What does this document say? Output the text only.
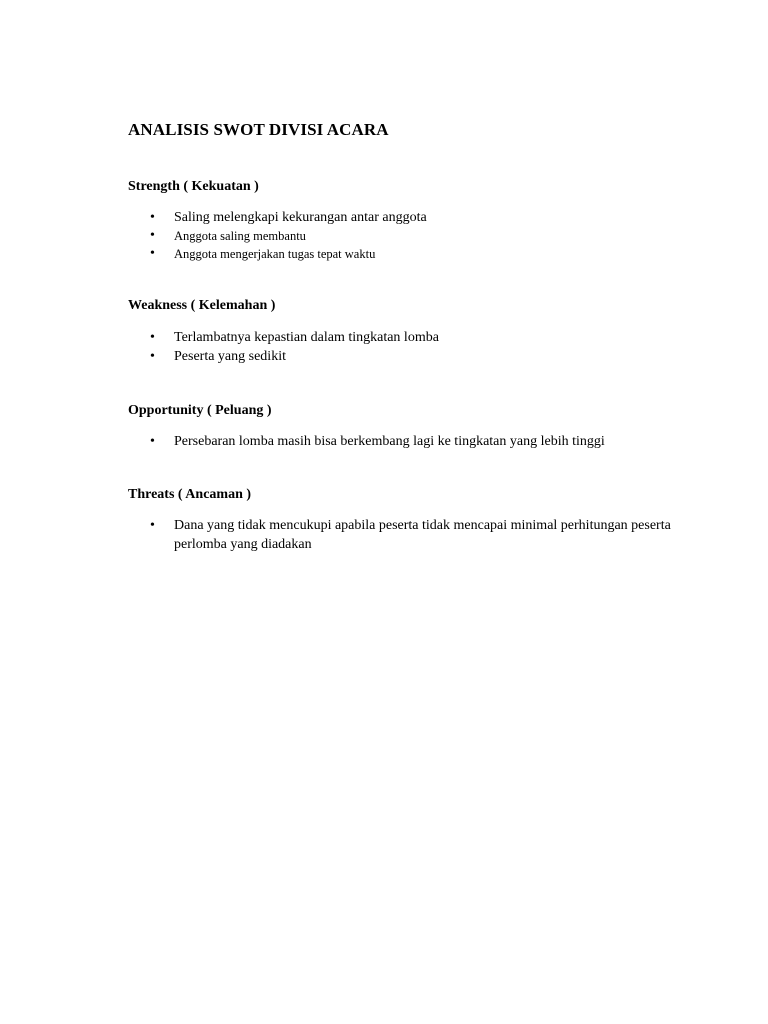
ANALISIS SWOT DIVISI ACARA
Strength ( Kekuatan )
• Saling melengkapi kekurangan antar anggota
• Anggota saling membantu
• Anggota mengerjakan tugas tepat waktu
Weakness ( Kelemahan )
• Terlambatnya kepastian dalam tingkatan lomba
• Peserta yang sedikit
Opportunity ( Peluang )
• Persebaran lomba masih bisa berkembang lagi ke tingkatan yang lebih tinggi
Threats ( Ancaman )
• Dana yang tidak mencukupi apabila peserta tidak mencapai minimal perhitungan peserta perlomba yang diadakan
